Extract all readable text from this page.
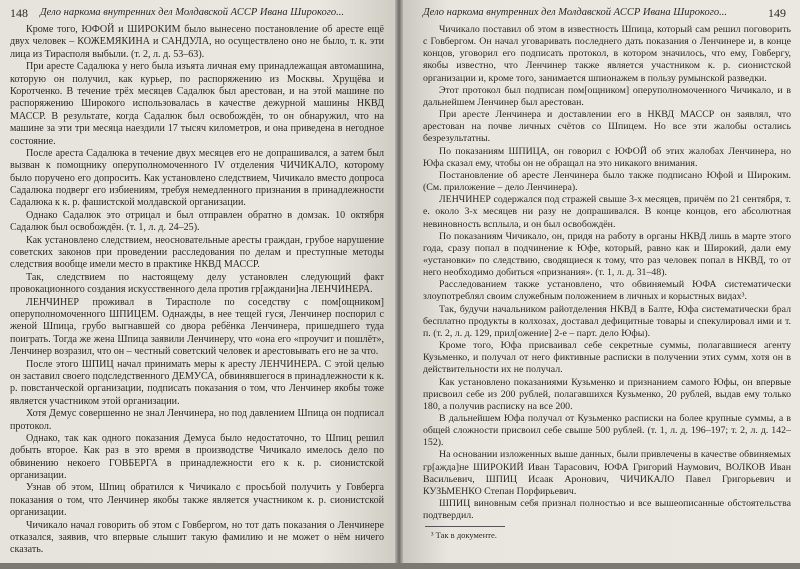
148 Дело наркома внутренних дел Молдавской АССР Ивана Широкого...

Кроме того, ЮФОЙ и ШИРОКИМ было вынесено постановление об аресте ещё двух человек – КОЖЕМЯКИНА и САНДУЛА, но осуществлено оно не было, т. к. эти лица из Тирасполя выбыли. (т. 2, л. д. 53–63).

При аресте Садалюка у него была изъята личная ему принадлежащая автомашина, которую он получил, как курьер, по распоряжению из Москвы. Хрущёва и Коротченко. В течение трёх месяцев Садалюк был арестован, и на этой машине по распоряжению Широкого использовалась в качестве дежурной машины НКВД МАССР. В результате, когда Садалюк был освобождён, то он обнаружил, что на машине за эти три месяца наездили 17 тысяч километров, и она приведена в негодное состояние.

После ареста Садалюка в течение двух месяцев его не допрашивался, а затем был вызван к помощнику оперуполномоченного IV отделения ЧИЧИКАЛО, которому было поручено его допросить. Как установлено следствием, Чичикало вместо допроса Садалюка подверг его избиениям, требуя немедленного признания в принадлежности Садалюка к к. р. фашистской молдавской организации.

Однако Садалюк это отрицал и был отправлен обратно в домзак. 10 октября Садалюк был освобождён. (т. 1, л. д. 24–25).

Как установлено следствием, неосновательные аресты граждан, грубое нарушение советских законов при проведении расследования по делам и преступные методы следствия вообще имели место в практике НКВД МАССР.

Так, следствием по настоящему делу установлен следующий факт провокационного создания искусственного дела против гр[аждани]на ЛЕНЧИНЕРА.

ЛЕНЧИНЕР проживал в Тирасполе по соседству с пом[ощником] оперуполномоченного ШПИЦЕМ. Однажды, в нее тещей гуся, Ленчинер поспорил с женой Шпица, грубо выгнавшей со двора ребёнка Ленчинера, пришедшего туда поиграть. Тогда же жена Шпица заявили Ленчинеру, что «она его «проучит и пошлёт», Ленчинер возразил, что он – честный советский человек и арестовывать его не за что.

После этого ШПИЦ начал принимать меры к аресту ЛЕНЧИНЕРА. С этой целью он заставил своего подследственного ДЕМУСА, обвинявшегося в принадлежности к к. р. повстанческой организации, подписать показания о том, что Ленчинер якобы тоже является участником этой организации.

Хотя Демус совершенно не знал Ленчинера, но под давлением Шпица он подписал протокол.

Однако, так как одного показания Демуса было недостаточно, то Шпиц решил добыть второе. Как раз в это время в производстве Чичикало имелось дело по обвинению некоего ГОВБЕРГА в принадлежности его к к. р. сионистской организации.

Узнав об этом, Шпиц обратился к Чичикало с просьбой получить у Говберга показания о том, что Ленчинер якобы также является участником к. р. сионистской организации.

Чичикало начал говорить об этом с Говбергом, но тот дать показания о Ленчинере отказался, заявив, что впервые слышит такую фамилию и не может о нём ничего сказать.

Дело наркома внутренних дел Молдавской АССР Ивана Широкого...	149

Чичикало поставил об этом в известность Шпица, который сам решил поговорить с Говбергом. Он начал уговаривать последнего дать показания о Ленчинере и, в конце концов, уговорил его подписать протокол, в котором значилось, что ему, Говбергу, якобы известно, что Ленчинер также является участником к. р. сионистской организации и, кроме того, занимается шпионажем в пользу румынской разведки.

Этот протокол был подписан пом[ощником] оперуполномоченного Чичикало, и в дальнейшем Ленчинер был арестован.

При аресте Ленчинера и доставлении его в НКВД МАССР он заявлял, что арестован на почве личных счётов со Шпицем. Но все эти жалобы остались безрезультатны.

По показаниям ШПИЦА, он говорил с ЮФОЙ об этих жалобах Ленчинера, но Юфа сказал ему, чтобы он не обращал на это никакого внимания.

Постановление об аресте Ленчинера было также подписано Юфой и Широким. (См. приложение – дело Ленчинера).

ЛЕНЧИНЕР содержался под стражей свыше 3-х месяцев, причём по 21 сентября, т. е. около 3-х месяцев ни разу не допрашивался. В конце концов, его абсолютная невиновность всплыла, и он был освобождён.

По показаниям Чичикало, он, придя на работу в органы НКВД лишь в марте этого года, сразу попал в подчинение к Юфе, который, равно как и Широкий, дали ему «установки» по следствию, сводящиеся к тому, что раз человек попал в НКВД, то от него необходимо добиться «признания». (т. 1, л. д. 31–48).

Расследованием также установлено, что обвиняемый ЮФА систематически злоупотреблял своим служебным положением в личных и корыстных видах³.

Так, будучи начальником райотделения НКВД в Балте, Юфа систематически брал бесплатно продукты в колхозах, доставал дефицитные товары и спекулировал ими и т. п. (т. 2, л. д. 129, прил[ожение] 2-е – парт. дело Юфы).

Кроме того, Юфа присваивал себе секретные суммы, полагавшиеся агенту Кузьменко, и получал от него фиктивные расписки в получении этих сумм, хотя он в действительности их не получал.

Как установлено показаниями Кузьменко и признанием самого Юфы, он впервые присвоил себе из 200 рублей, полагавшихся Кузьменко, 20 рублей, выдав ему только 180, а получив расписку на все 200.

В дальнейшем Юфа получал от Кузьменко расписки на более крупные суммы, а в общей сложности присвоил себе свыше 500 рублей. (т. 1, л. д. 196–197; т. 2, л. д. 142–152).

На основании изложенных выше данных, были привлечены в качестве обвиняемых гр[ажда]не ШИРОКИЙ Иван Тарасович, ЮФА Григорий Наумович, ВОЛКОВ Иван Васильевич, ШПИЦ Исаак Аронович, ЧИЧИКАЛО Павел Григорьевич и КУЗЬМЕНКО Степан Порфирьевич.

ШПИЦ виновным себя признал полностью и все вышеописанные обстоятельства подтвердил.

³ Так в документе.
